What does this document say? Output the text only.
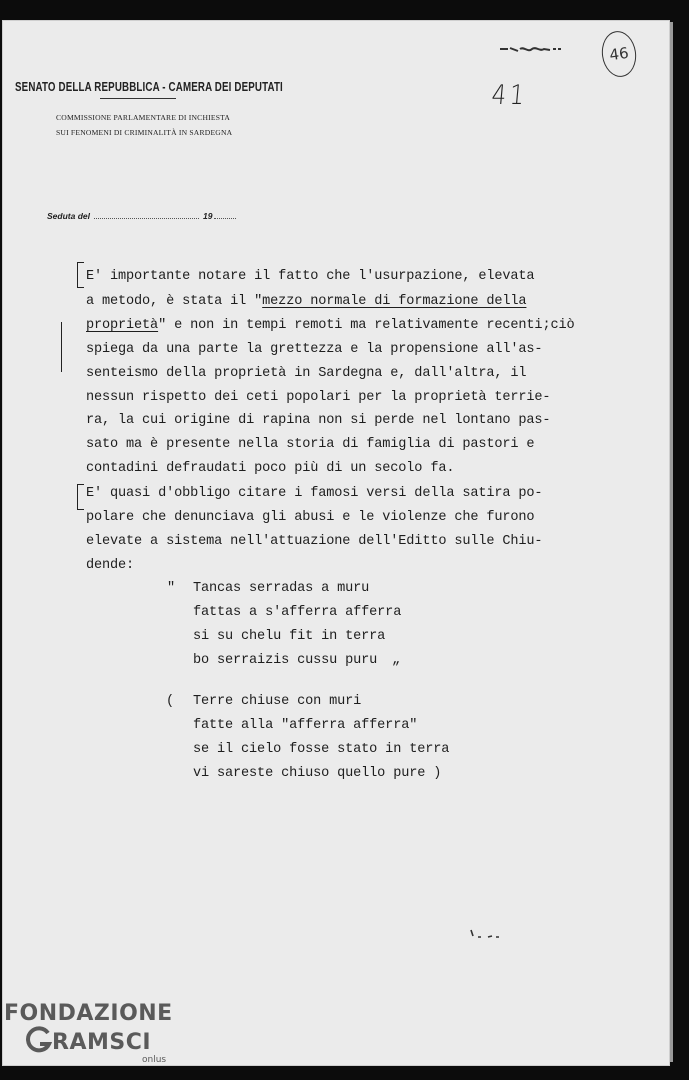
SENATO DELLA REPUBBLICA - CAMERA DEI DEPUTATI
COMMISSIONE PARLAMENTARE DI INCHIESTA
SUI FENOMENI DI CRIMINALITÀ IN SARDEGNA
Seduta del	19
41
46
E' importante notare il fatto che l'usurpazione, elevata
a metodo, è stata il "mezzo normale di formazione della
proprietà" e non in tempi remoti ma relativamente recenti;ciò
spiega da una parte la grettezza e la propensione all'as-
senteismo della proprietà in Sardegna e, dall'altra, il
nessun rispetto dei ceti popolari per la proprietà terrie-
ra, la cui origine di rapina non si perde nel lontano pas-
sato ma è presente nella storia di famiglia di pastori e
contadini defraudati poco più di un secolo fa.
E' quasi d'obbligo citare i famosi versi della satira po-
polare che denunciava gli abusi e le violenze che furono
elevate a sistema nell'attuazione dell'Editto sulle Chiu-
dende:
" Tancas serradas a muru
fattas a s'afferra afferra
si su chelu fit in terra
bo serraizis cussu puru „
( Terre chiuse con muri
fatte alla "afferra afferra"
se il cielo fosse stato in terra
vi sareste chiuso quello pure )
FONDAZIONE
RAMSCI
onlus
